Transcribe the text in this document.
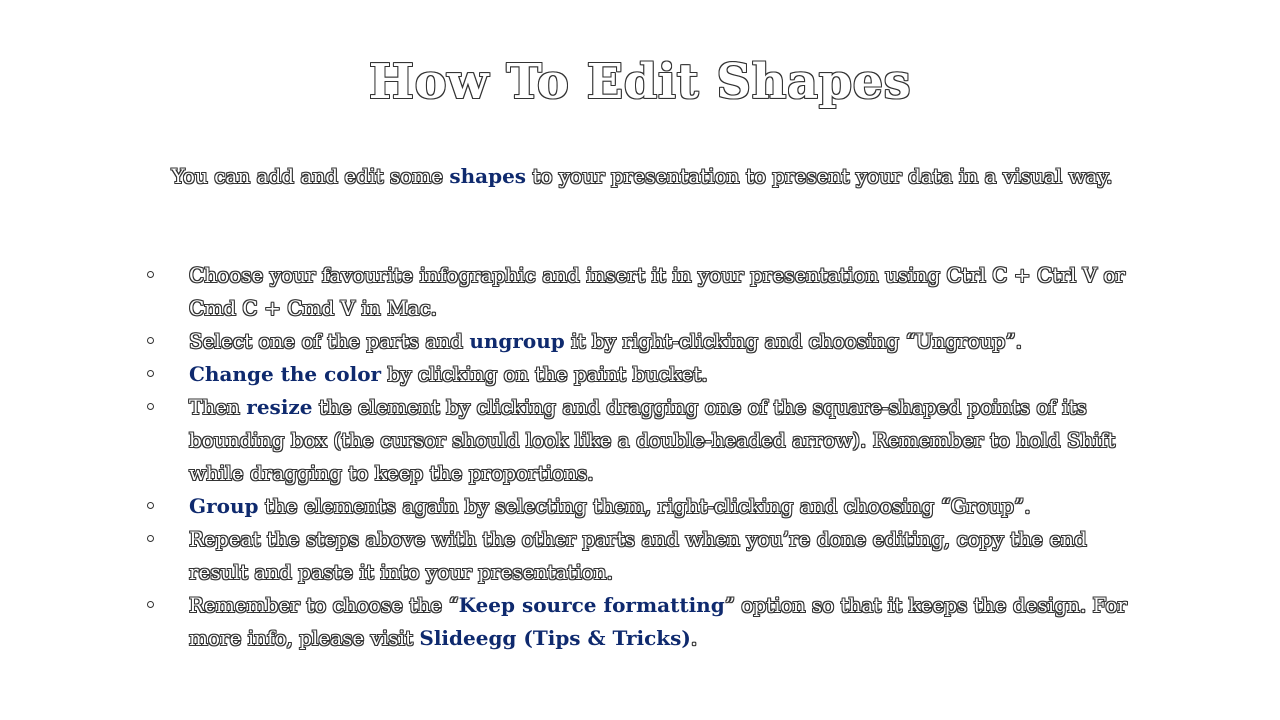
How To Edit Shapes
You can add and edit some shapes to your presentation to present your data in a visual way.
Choose your favourite infographic and insert it in your presentation using Ctrl C + Ctrl V or Cmd C + Cmd V in Mac.
Select one of the parts and ungroup it by right-clicking and choosing “Ungroup”.
Change the color by clicking on the paint bucket.
Then resize the element by clicking and dragging one of the square-shaped points of its bounding box (the cursor should look like a double-headed arrow). Remember to hold Shift while dragging to keep the proportions.
Group the elements again by selecting them, right-clicking and choosing “Group”.
Repeat the steps above with the other parts and when you’re done editing, copy the end result and paste it into your presentation.
Remember to choose the “Keep source formatting” option so that it keeps the design. For more info, please visit Slideegg (Tips & Tricks).
